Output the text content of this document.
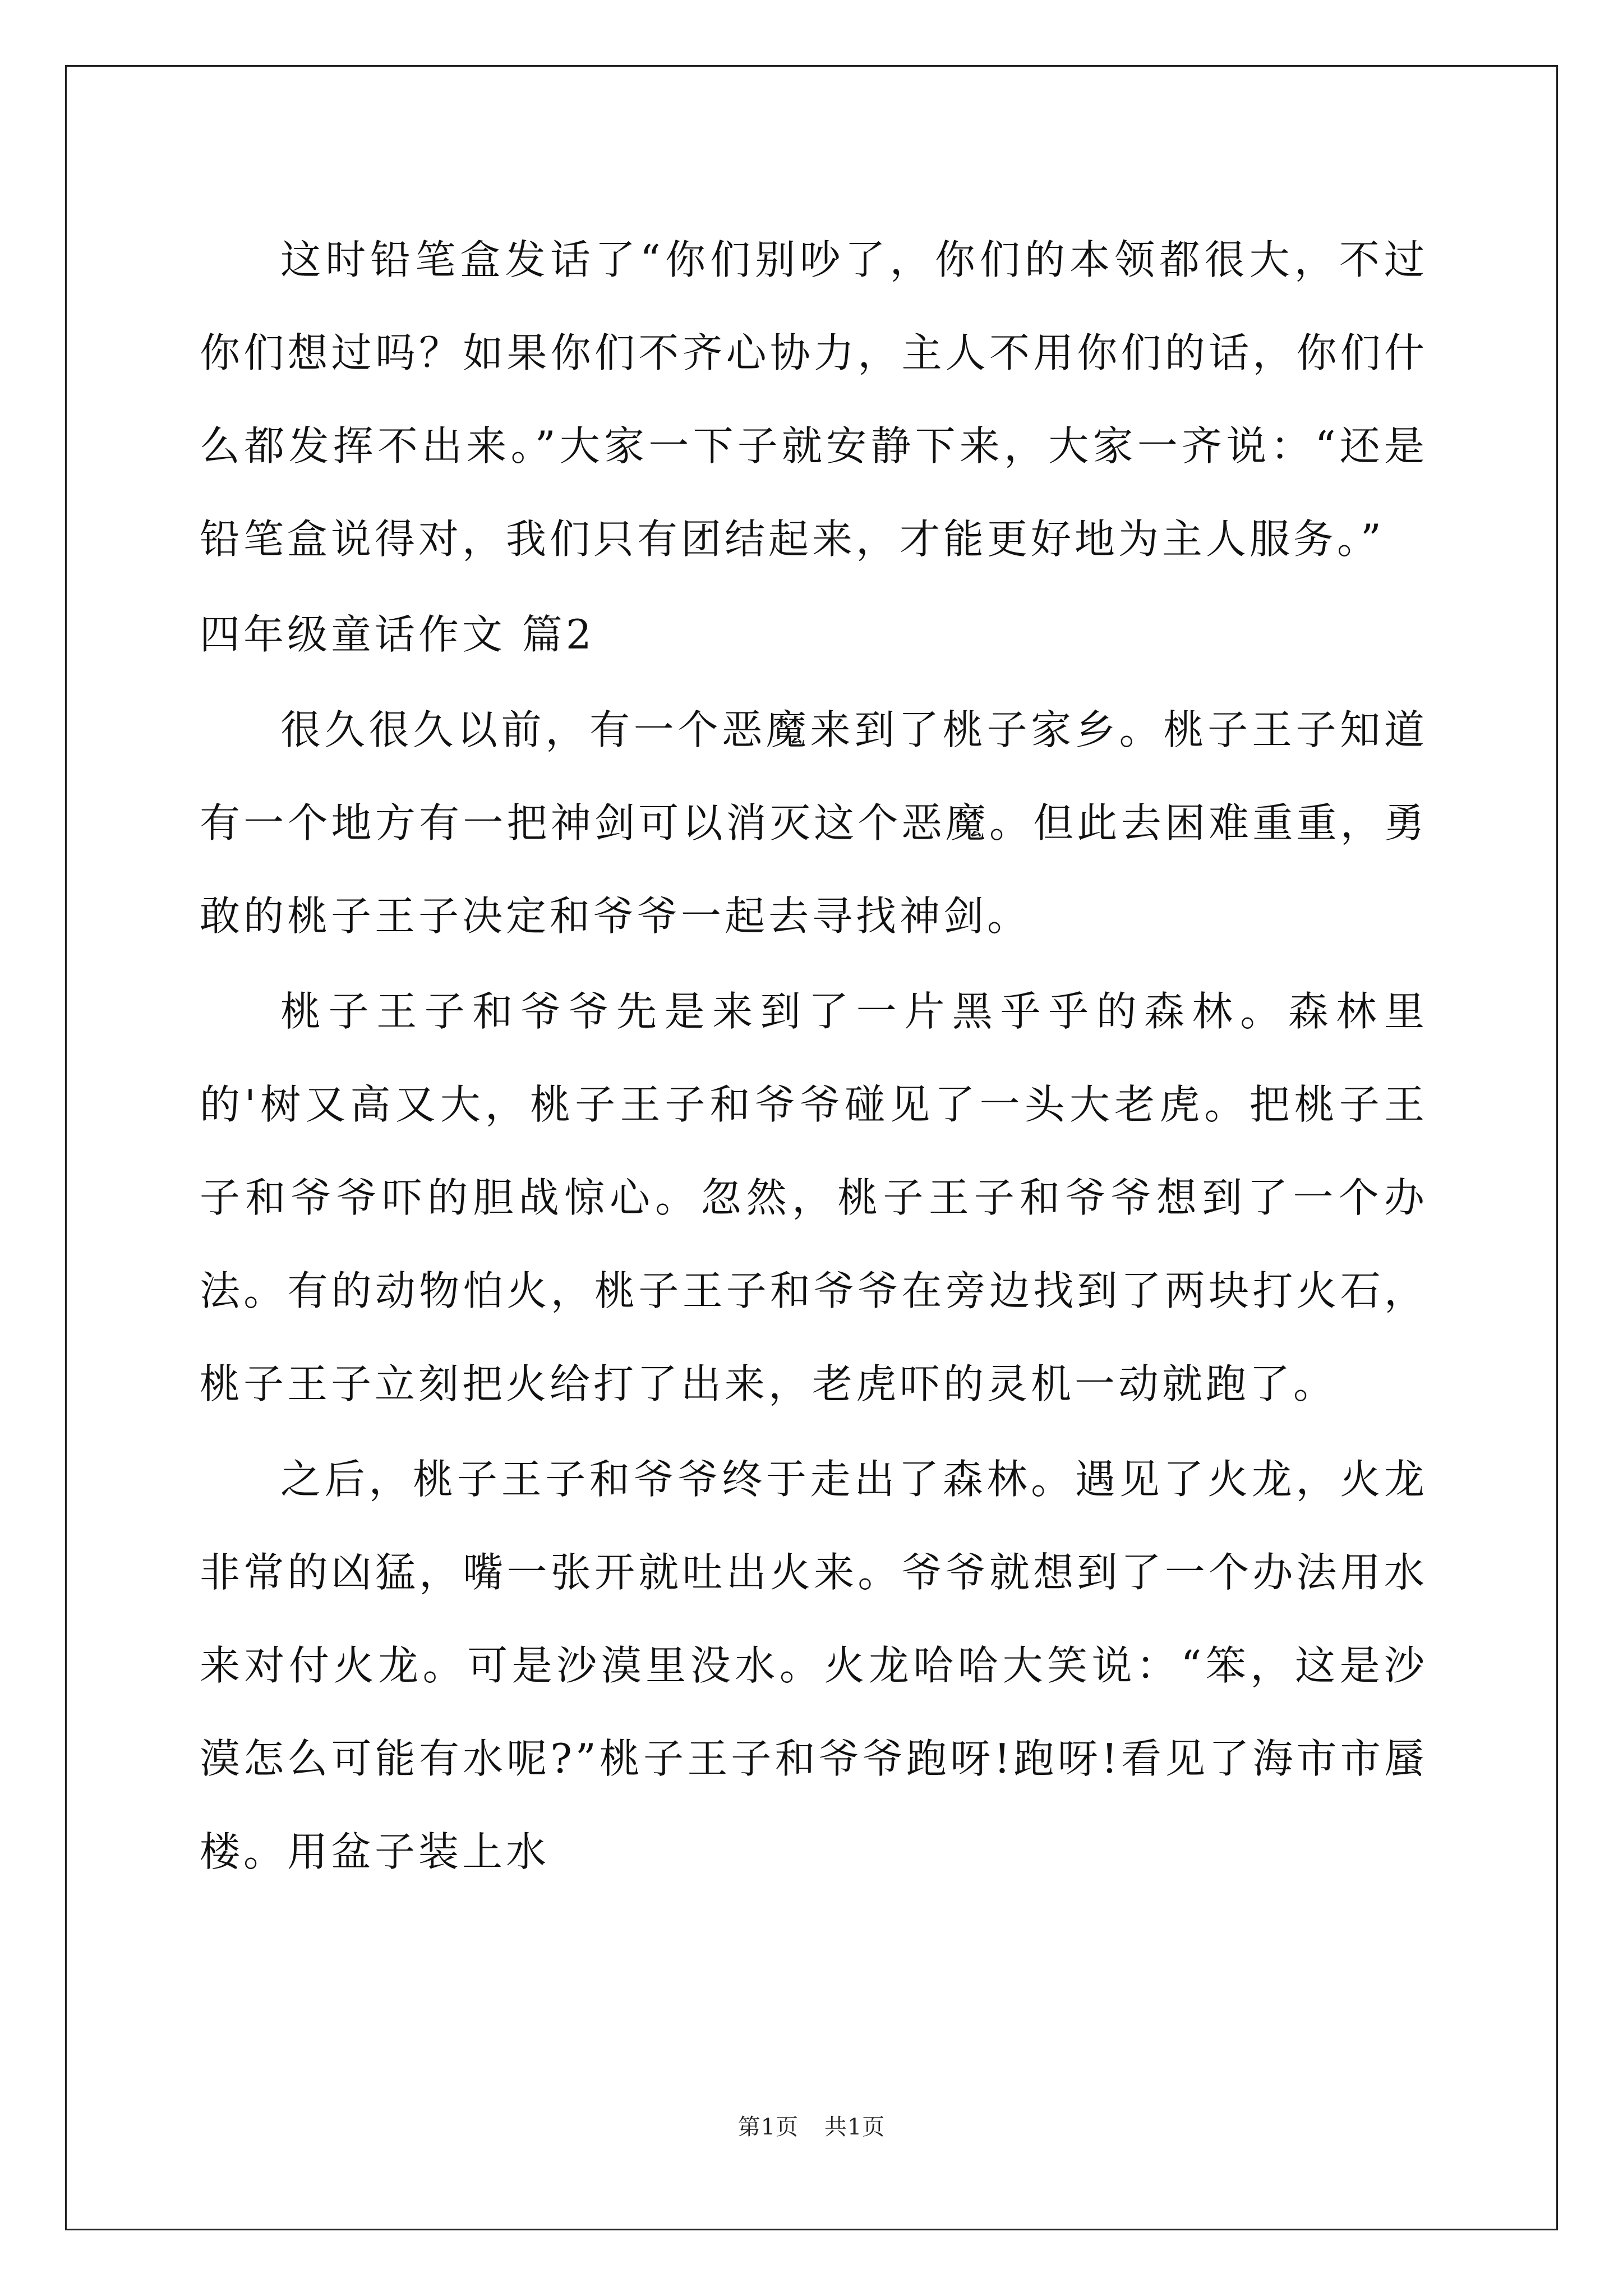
这时铅笔盒发话了“你们别吵了，你们的本领都很大，不过你们想过吗？如果你们不齐心协力，主人不用你们的话，你们什么都发挥不出来。”大家一下子就安静下来，大家一齐说：“还是铅笔盒说得对，我们只有团结起来，才能更好地为主人服务。”

四年级童话作文 篇2

很久很久以前，有一个恶魔来到了桃子家乡。桃子王子知道有一个地方有一把神剑可以消灭这个恶魔。但此去困难重重，勇敢的桃子王子决定和爷爷一起去寻找神剑。

桃子王子和爷爷先是来到了一片黑乎乎的森林。森林里的'树又高又大，桃子王子和爷爷碰见了一头大老虎。把桃子王子和爷爷吓的胆战惊心。忽然，桃子王子和爷爷想到了一个办法。有的动物怕火，桃子王子和爷爷在旁边找到了两块打火石，桃子王子立刻把火给打了出来，老虎吓的灵机一动就跑了。

之后，桃子王子和爷爷终于走出了森林。遇见了火龙，火龙非常的凶猛，嘴一张开就吐出火来。爷爷就想到了一个办法用水来对付火龙。可是沙漠里没水。火龙哈哈大笑说：“笨，这是沙漠怎么可能有水呢?”桃子王子和爷爷跑呀!跑呀!看见了海市市蜃楼。用盆子装上水

第1页 共1页
